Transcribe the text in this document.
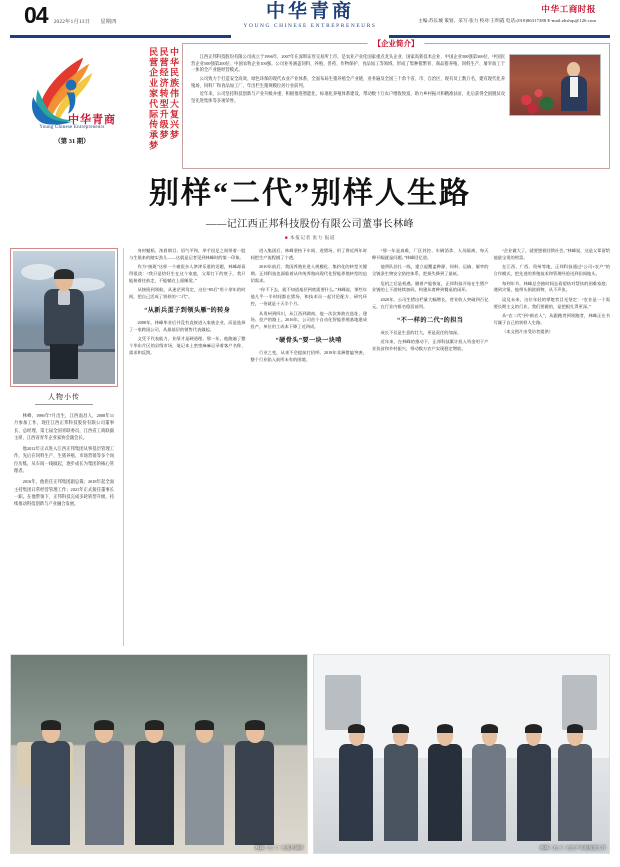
04 2022年1月13日 星期四	中华青商
YOUNG CHINESE ENTREPRENEURS
中华工商时报
主编:苏长城 策划、采写:张力 校对:王明霞 电话:(010)86317388 E-mail:zhshqs@126.com
中华青商
Young Chinese Entrepreneurs
（第 31 期）
中华民族伟大复兴梦
民营经济转型升级梦
民营企业家代际传承梦
【企业简介】

江西正邦科技股份有限公司成立于1996年，2007年在深圳证券交易所上市，是农业产业化国家重点龙头企业、国家高新技术企业、中国企业500强第369位、中国民营企业500强第200位、中国农牧企业100强。公司业务涵盖饲料、养殖、兽药、作物保护、食品加工等领域，形成了集种猪繁育、商品猪养殖、饲料生产、屠宰加工于一体的全产业链经营模式。

公司致力于打造安全高效、绿色环保的现代农业产业体系，全面布局生猪养殖全产业链，业务遍及全国三十余个省、市、自治区，现有员工数万名，建有现代化养殖场、饲料厂和食品加工厂，年出栏生猪规模位居行业前列。

近年来，公司坚持科技创新与产业升级并重，积极推进智能化、标准化养殖体系建设，带动数十万农户增收致富，助力乡村振兴和精准扶贫，先后获得全国脱贫攻坚先进集体等多项荣誉。

别样“二代”别样人生路
——记江西正邦科技股份有限公司董事长林峰
■ 本报记者 张力 报道
人物小传

林峰，1986年7月出生，江西南昌人，2008年11月参加工作，现任江西正邦科技股份有限公司董事长、总经理，第七届全国青联委员，江西省工商联副主席、江西省青年企业家协会副会长。

他2012年正式进入江西正邦集团从事基层管理工作，先后在饲料生产、生猪养殖、市场营销等多个岗位历练，从车间一线做起，逐步成长为集团的核心管理者。

2016年，他担任正邦集团副总裁；2018年起全面主持集团日常经营管理工作；2021年正式接任董事长一职。在他带领下，正邦科技完成多轮转型升级，持续推动科技创新与产业融合发展。

身材魁梧、浓眉朗目、语气平和，举手投足之间带着一股与生俱来的踏实劲儿——这就是记者见到林峰时的第一印象。

作为“接班”这样一个被很多人津津乐道的话题，林峰却看得很淡：“我只是恰好生在这个家庭，父辈打下的底子，我只能接着往前走，不能躺在上面睡觉。”

从接班到领航，从迷茫到笃定，这位“85后”用十余年的时间，把自己活成了别样的“二代”。

“从新兵蛋子到领头雁”的转身

2008年，林峰毕业后并没有直接进入家族企业，而是选择了一家跨国公司，从最基层的销售代表做起。

文凭不代表能力，业绩才是硬道理。那一年，他跑遍了整个华东片区的县级市场，笔记本上密密麻麻记录着客户名称、需求和反馈。

进入集团后，林峰坚持下车间、进猪场，用了将近两年时间把生产流程摸了个透。

2010年前后，我国养殖业进入规模化、集约化的转型关键期。正邦科技也面临着从传统养殖向现代化智能养殖转型的迫切需求。

“你不下去，就不知道基层到底需要什么。”林峰说，那些年他几乎一半时间都在猪场，和技术员一起讨论配方、研究环控，一待就是十天半个月。

从贵州到四川，从江西到湖南，他一次次奔波在选址、建场、投产的路上。2016年，公司首个自动化智能养殖基地建成投产，单位用工成本下降了近四成。

“硬骨头”要一块一块啃

行业之变，从来不会提前打招呼。2018年非洲猪瘟突袭，整个行业陷入前所未有的困境。

“那一年是真难，厂区封控、车辆消杀、人员隔离，每天睁开眼就是问题。”林峰回忆道。

他带队驻扎一线，建立起覆盖种源、饲料、运输、屠宰的全链条生物安全防控体系，把损失降到了最低。

危机之后是机遇。随着产能恢复，正邦科技开始在生猪产业链的上下游持续加码，构建从育种到餐桌的闭环。

2020年，公司生猪出栏量大幅增长，营业收入突破四百亿元，在行业内排名稳居前列。

“不一样的二代”的担当

成长不仅是生意的壮大，更是责任的加深。

近年来，在林峰的推动下，正邦科技累计投入资金用于产业扶贫和乡村振兴，带动数万农户实现稳定增收。

“企业做大了，就要想着回馈社会。”林峰说，这是父辈留给他最宝贵的财富。

在江西、广西、贵州等地，正邦科技通过“公司+农户”的合作模式，把先进的养殖技术和管理经验送到田间地头。

每到年节，林峰总会抽时间去看望结对帮扶的困难家庭；遇到灾情，他带头捐款捐物，从不声张。

谈及未来，这位年轻的掌舵者目光坚定：“农业是一个需要长期主义的行业，我们要做的，是把根扎得更深。”

从“农二代”到“新农人”，从跟跑者到领跑者，林峰正在书写属于自己的别样人生路。

（本文图片由受访者提供）

林峰（左二）在基层调研	林峰（右三）在生产车间检查工作
